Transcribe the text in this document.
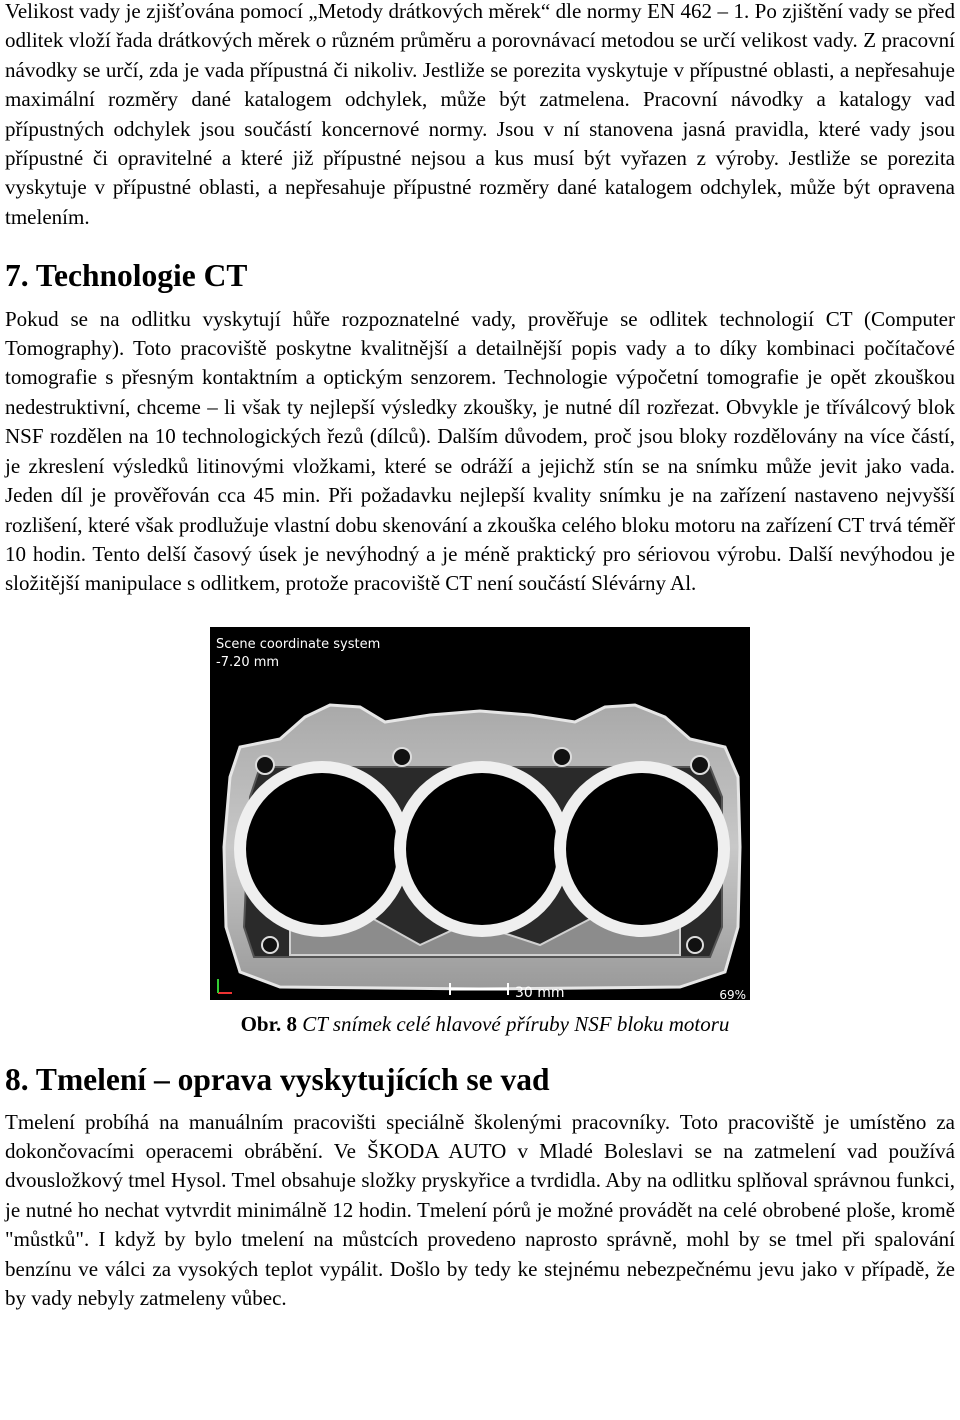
Velikost vady je zjišťována pomocí „Metody drátkových měrek“ dle normy EN 462 – 1. Po zjištění vady se před odlitek vloží řada drátkových měrek o různém průměru a porovnávací metodou se určí velikost vady. Z pracovní návodky se určí, zda je vada přípustná či nikoliv. Jestliže se porezita vyskytuje v přípustné oblasti, a nepřesahuje maximální rozměry dané katalogem odchylek, může být zatmelena. Pracovní návodky a katalogy vad přípustných odchylek jsou součástí koncernové normy. Jsou v ní stanovena jasná pravidla, které vady jsou přípustné či opravitelné a které již přípustné nejsou a kus musí být vyřazen z výroby. Jestliže se porezita vyskytuje v přípustné oblasti, a nepřesahuje přípustné rozměry dané katalogem odchylek, může být opravena tmelením.

7. Technologie CT

Pokud se na odlitku vyskytují hůře rozpoznatelné vady, prověřuje se odlitek technologií CT (Computer Tomography). Toto pracoviště poskytne kvalitnější a detailnější popis vady a to díky kombinaci počítačové tomografie s přesným kontaktním a optickým senzorem. Technologie výpočetní tomografie je opět zkouškou nedestruktivní, chceme – li však ty nejlepší výsledky zkoušky, je nutné díl rozřezat. Obvykle je tříválcový blok NSF rozdělen na 10 technologických řezů (dílců). Dalším důvodem, proč jsou bloky rozdělovány na více částí, je zkreslení výsledků litinovými vložkami, které se odráží a jejichž stín se na snímku může jevit jako vada. Jeden díl je prověřován cca 45 min. Při požadavku nejlepší kvality snímku je na zařízení nastaveno nejvyšší rozlišení, které však prodlužuje vlastní dobu skenování a zkouška celého bloku motoru na zařízení CT trvá téměř 10 hodin. Tento delší časový úsek je nevýhodný a je méně praktický pro sériovou výrobu. Další nevýhodou je složitější manipulace s odlitkem, protože pracoviště CT není součástí Slévárny Al.

Scene coordinate system
-7.20 mm
30 mm	69%

Obr. 8 CT snímek celé hlavové příruby NSF bloku motoru

8. Tmelení – oprava vyskytujících se vad

Tmelení probíhá na manuálním pracovišti speciálně školenými pracovníky. Toto pracoviště je umístěno za dokončovacími operacemi obrábění. Ve ŠKODA AUTO v Mladé Boleslavi se na zatmelení vad používá dvousložkový tmel Hysol. Tmel obsahuje složky pryskyřice a tvrdidla. Aby na odlitku splňoval správnou funkci, je nutné ho nechat vytvrdit minimálně 12 hodin. Tmelení pórů je možné provádět na celé obrobené ploše, kromě "můstků". I když by bylo tmelení na můstcích provedeno naprosto správně, mohl by se tmel při spalování benzínu ve válci za vysokých teplot vypálit. Došlo by tedy ke stejnému nebezpečnému jevu jako v případě, že by vady nebyly zatmeleny vůbec.
